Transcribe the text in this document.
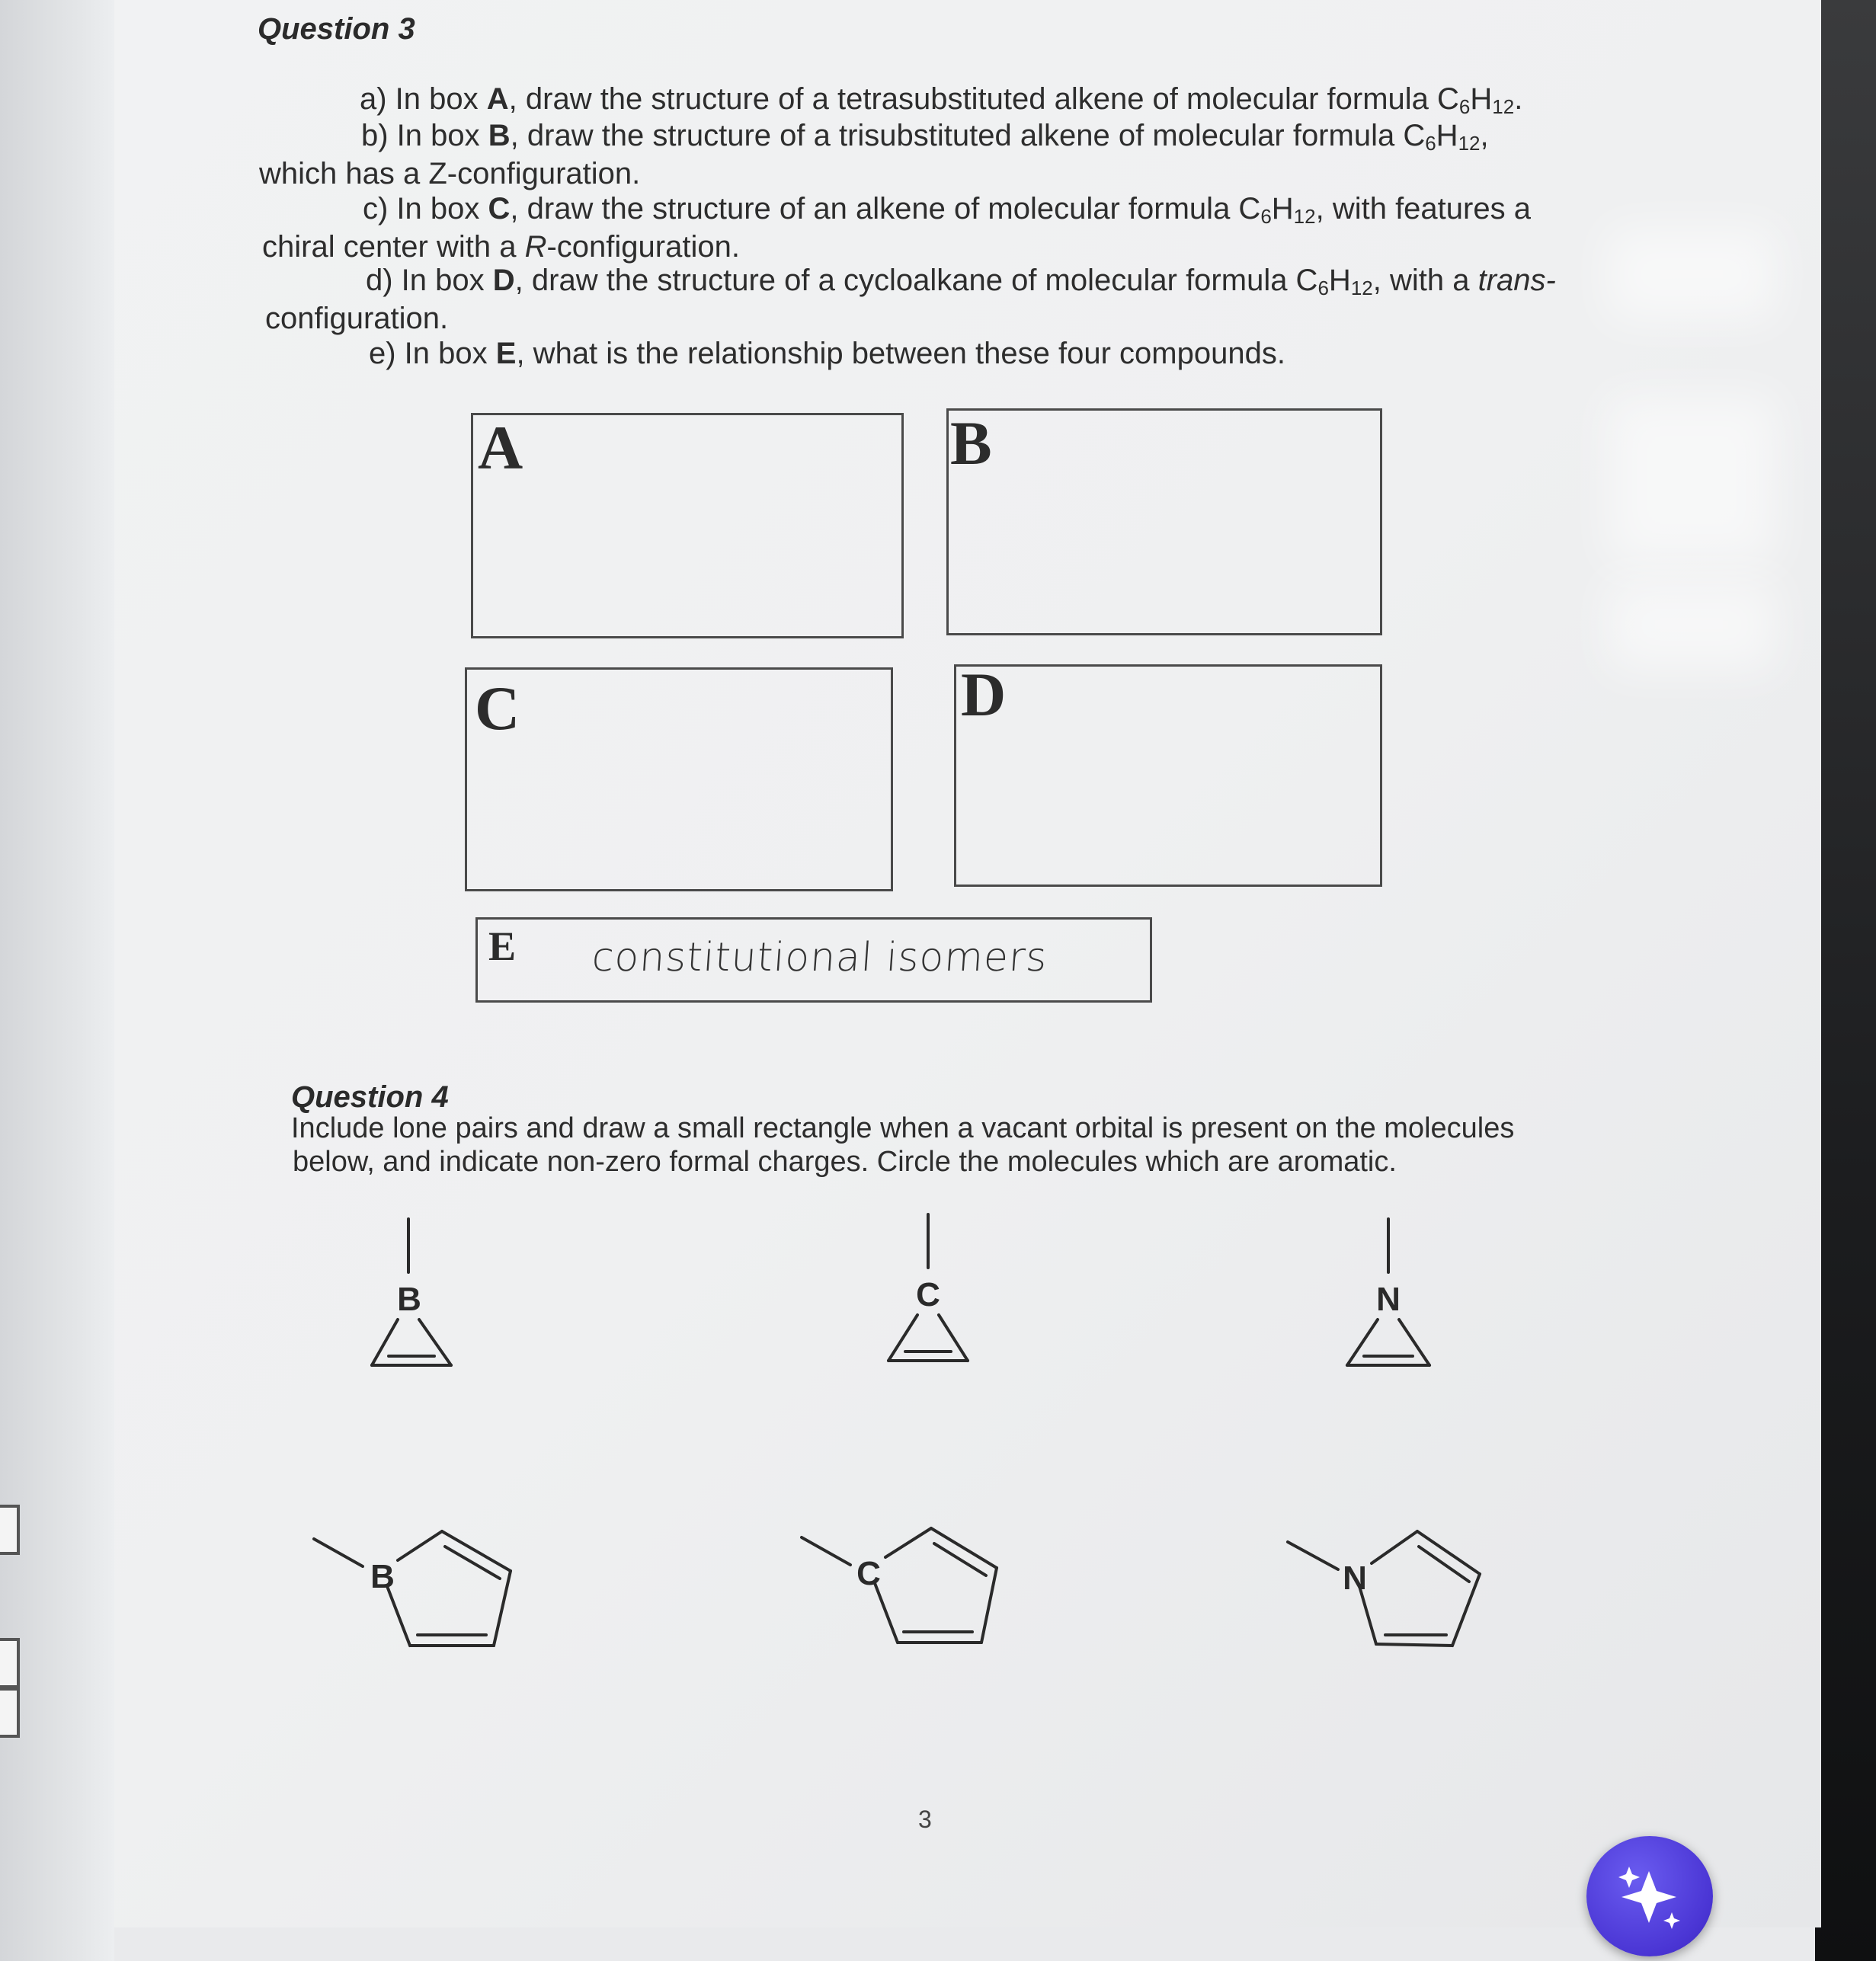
Question 3
a) In box A, draw the structure of a tetrasubstituted alkene of molecular formula $C_6H_{12}$.
b) In box B, draw the structure of a trisubstituted alkene of molecular formula $C_6H_{12}$,
which has a Z-configuration.
c) In box C, draw the structure of an alkene of molecular formula $C_6H_{12}$, with features a
chiral center with a R-configuration.
d) In box D, draw the structure of a cycloalkane of molecular formula $C_6H_{12}$, with a trans-
configuration.
e) In box E, what is the relationship between these four compounds.
A	B
C	D
E constitutional isomers
Question 4
Include lone pairs and draw a small rectangle when a vacant orbital is present on the molecules
below, and indicate non-zero formal charges. Circle the molecules which are aromatic.
B	C	N
B	C	N
3
